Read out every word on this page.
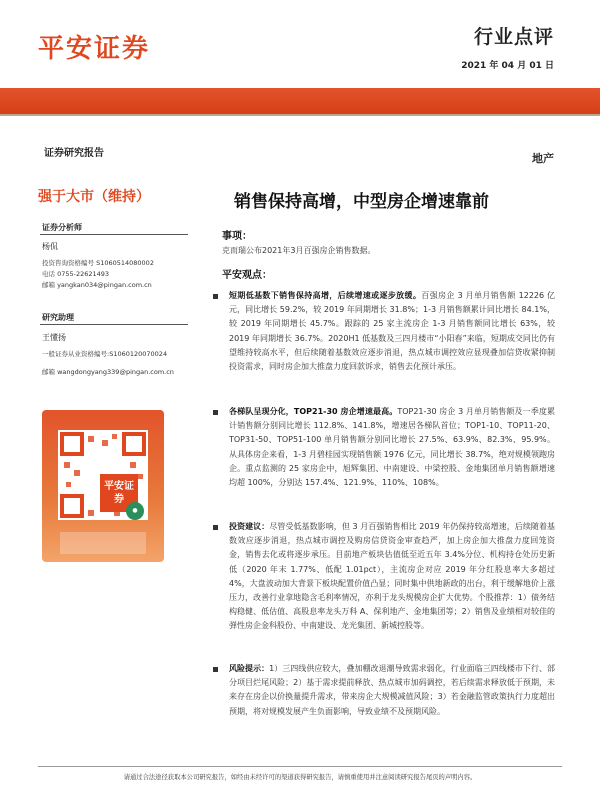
平安证券	行业点评
2021 年 04 月 01 日
证券研究报告	地产
强于大市（维持）	销售保持高增，中型房企增速靠前
证券分析师
杨侃
投资咨询资格编号 S1060514080002
电话 0755-22621493
邮箱 yangkan034@pingan.com.cn
研究助理
王懂扬
一般证券从业资格编号:S1060120070024
邮箱 wangdongyang339@pingan.com.cn
平安证券
●
事项：
克而瑞公布2021年3月百强房企销售数据。
平安观点：
短期低基数下销售保持高增，后续增速或逐步放缓。百强房企 3 月单月销售额 12226 亿元，同比增长 59.2%，较 2019 年同期增长 31.8%；1-3 月销售额累计同比增长 84.1%，较 2019 年同期增长 45.7%。跟踪的 25 家主流房企 1-3 月销售额同比增长 63%，较 2019 年同期增长 36.7%。2020H1 低基数及三四月楼市“小阳春”来临，短期成交同比仍有望维持较高水平，但后续随着基数效应逐步消退，热点城市调控效应显现叠加信贷收紧抑制投资需求，同时房企加大推盘力度回款诉求，销售去化预计承压。
各梯队呈现分化，TOP21-30 房企增速最高。TOP21-30 房企 3 月单月销售额及一季度累计销售额分别同比增长 112.8%、141.8%，增速居各梯队首位；TOP1-10、TOP11-20、TOP31-50、TOP51-100 单月销售额分别同比增长 27.5%、63.9%、82.3%、95.9%。从具体房企来看，1-3 月碧桂园实现销售额 1976 亿元，同比增长 38.7%，绝对规模领跑房企。重点监测的 25 家房企中，旭辉集团、中南建设、中梁控股、金地集团单月销售额增速均超 100%，分别达 157.4%、121.9%、110%、108%。
投资建议：尽管受低基数影响，但 3 月百强销售相比 2019 年仍保持较高增速，后续随着基数效应逐步消退，热点城市调控及购房信贷资金审查趋严，加上房企加大推盘力度回笼资金，销售去化或将逐步承压。目前地产板块估值低至近五年 3.4%分位、机构持仓处历史新低（2020 年末 1.77%、低配 1.01pct），主流房企对应 2019 年分红股息率大多超过 4%，大盘波动加大背景下板块配置价值凸显；同时集中供地新政的出台，利于缓解地价上涨压力，改善行业拿地隐含毛利率情况，亦利于龙头规模房企扩大优势。个股推荐：1）债务结构稳健、低估值、高股息率龙头万科 A、保利地产、金地集团等；2）销售及业绩相对较佳的弹性房企金科股份、中南建设、龙光集团、新城控股等。
风险提示：1）三四线供应较大，叠加棚改退潮导致需求弱化，行业面临三四线楼市下行、部分项目烂尾风险；2）基于需求提前释放、热点城市加码调控，若后续需求释放低于预期，未来存在房企以价换量提升需求，带来房企大规模减值风险；3）若金融监管政策执行力度超出预期，将对规模发展产生负面影响，导致业绩不及预期风险。
请通过合法途径获取本公司研究报告，如经由未经许可的渠道获得研究报告，请慎重使用并注意阅读研究报告尾页的声明内容。
